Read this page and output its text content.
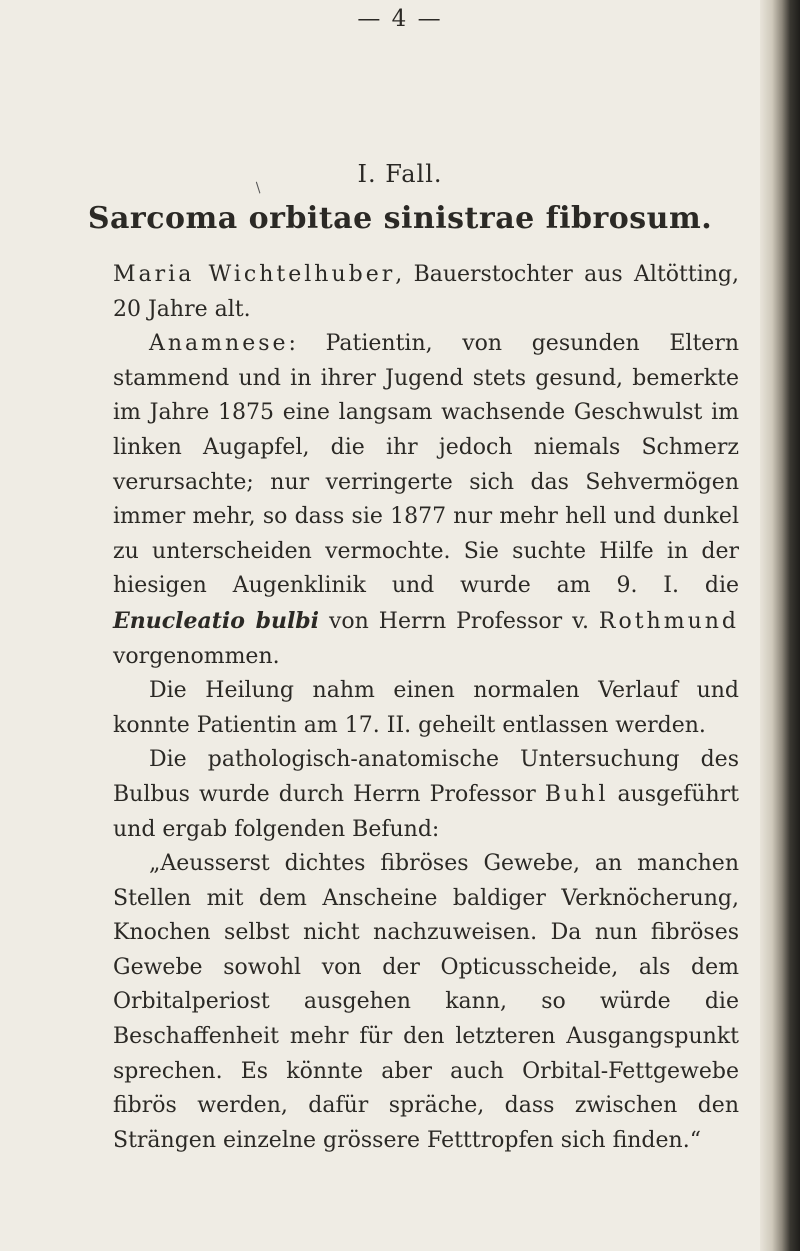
— 4 —
/	I. Fall.
Sarcoma orbitae sinistrae fibrosum.

Maria Wichtelhuber, Bauerstochter aus Altötting, 20 Jahre alt.

Anamnese: Patientin, von gesunden Eltern stammend und in ihrer Jugend stets gesund, bemerkte im Jahre 1875 eine langsam wachsende Geschwulst im linken Augapfel, die ihr jedoch niemals Schmerz verursachte; nur verringerte sich das Sehvermögen immer mehr, so dass sie 1877 nur mehr hell und dunkel zu unterscheiden vermochte. Sie suchte Hilfe in der hiesigen Augenklinik und wurde am 9. I. die Enucleatio bulbi von Herrn Professor v. Rothmund vorgenommen.

Die Heilung nahm einen normalen Verlauf und konnte Patientin am 17. II. geheilt entlassen werden.

Die pathologisch-anatomische Untersuchung des Bulbus wurde durch Herrn Professor Buhl ausgeführt und ergab folgenden Befund:

„Aeusserst dichtes fibröses Gewebe, an manchen Stellen mit dem Anscheine baldiger Verknöcherung, Knochen selbst nicht nachzuweisen. Da nun fibröses Gewebe sowohl von der Opticusscheide, als dem Orbitalperiost ausgehen kann, so würde die Beschaffenheit mehr für den letzteren Ausgangspunkt sprechen. Es könnte aber auch Orbital-Fettgewebe fibrös werden, dafür spräche, dass zwischen den Strängen einzelne grössere Fetttropfen sich finden.“
